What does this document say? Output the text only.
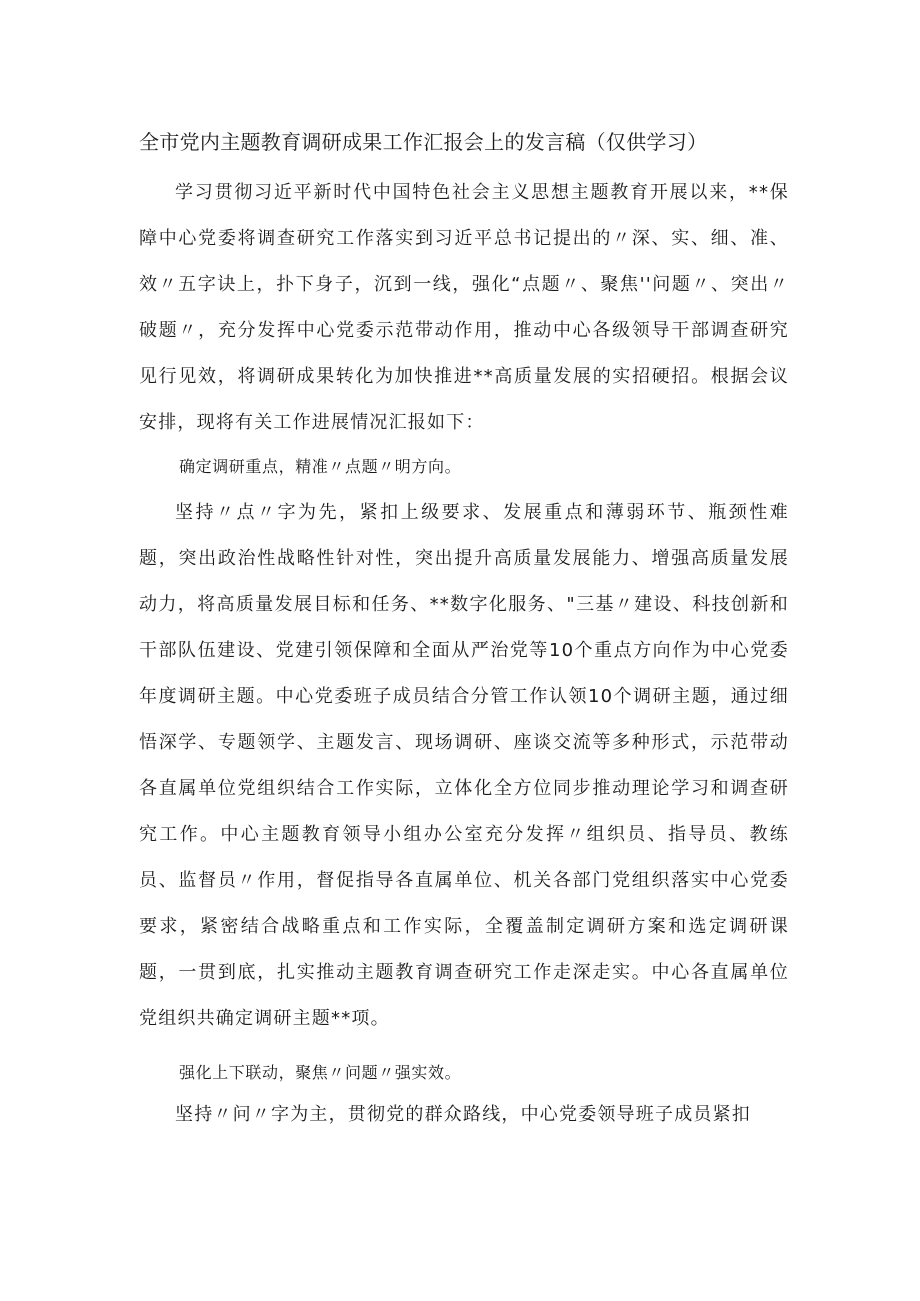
全市党内主题教育调研成果工作汇报会上的发言稿（仅供学习）

学习贯彻习近平新时代中国特色社会主义思想主题教育开展以来，**保障中心党委将调查研究工作落实到习近平总书记提出的〃深、实、细、准、效〃五字诀上，扑下身子，沉到一线，强化“点题〃、聚焦''问题〃、突出〃破题〃，充分发挥中心党委示范带动作用，推动中心各级领导干部调查研究见行见效，将调研成果转化为加快推进**高质量发展的实招硬招。根据会议安排，现将有关工作进展情况汇报如下：

确定调研重点，精准〃点题〃明方向。

坚持〃点〃字为先，紧扣上级要求、发展重点和薄弱环节、瓶颈性难题，突出政治性战略性针对性，突出提升高质量发展能力、增强高质量发展动力，将高质量发展目标和任务、**数字化服务、"三基〃建设、科技创新和干部队伍建设、党建引领保障和全面从严治党等10个重点方向作为中心党委年度调研主题。中心党委班子成员结合分管工作认领10个调研主题，通过细悟深学、专题领学、主题发言、现场调研、座谈交流等多种形式，示范带动各直属单位党组织结合工作实际，立体化全方位同步推动理论学习和调查研究工作。中心主题教育领导小组办公室充分发挥〃组织员、指导员、教练员、监督员〃作用，督促指导各直属单位、机关各部门党组织落实中心党委要求，紧密结合战略重点和工作实际，全覆盖制定调研方案和选定调研课题，一贯到底，扎实推动主题教育调查研究工作走深走实。中心各直属单位党组织共确定调研主题**项。

强化上下联动，聚焦〃问题〃强实效。

坚持〃问〃字为主，贯彻党的群众路线，中心党委领导班子成员紧扣
